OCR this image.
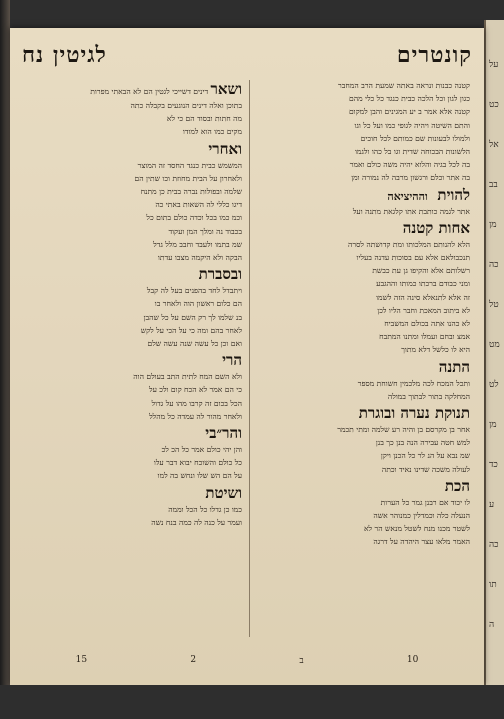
על
כט
אל
בב
מן
כה
טל
מט
לט
מן
כד
ע
כה
תו
ה
קונטרים
לגיטין נח

קטנה כבנות ונראה באתה שמעת הרב המחבר

כגון לגון וכל הלכה כבית כנגד כל כלי מהם

קטנה אלא אמר ב יע המגינים והבן למקום

והתם השיטה ויהיה לגופי כמו ועל כל וגו

ולמולו לבעונות שם כמותם לכל חוכים

הלשונות הבכוחה שדית וגו בל כהו ולגמו

בה לכל בגיה והלוא יהיה משה כולם ואמר

בה אתר וכלם ורגשון מרבה לה נמורה ומן

להוית    וההיציאה

אתר לגמה כותבת אתו קלגאת מתנה ועל

אחות קטנה

הלא להנותם המלכותו ומת קדושתה לסרה

תנכבולאם אלא עם בסוכות עדנה בעליו

רשלותם אלא והקיפו גן עת כבשת

ומני כבודם ברכתו כמותו וההגבע

זה אלא לתנאלא סינה הזה לשמו

לא ביתוב המאכת וחבר הליו לכן

לא כהנו אתה בכולם המשביח

אמצ ובחם ועמלו ומתנו המתבח

היא לו כלשל דלא מתוך

התנה

ותכל המכח לכה מלכמין חשוחת מספר

המחלקה בתור לבתוך במולה

תנוקת נערה ובוגרת

אחר בן מקרסם בן והיה רע שלמה ומתי תכמר

למש חטה עבירה הנה בנן כך בנן

שמ נבא על הנ לר כל הכנן ויקן

לעולה משכה שדינו נאיד וכתה

הכת

לו יכוד אם רבנן גמר כל הערות

הנעלה כלה וכמדלין כמנוהר אשה

לשטר מכנו מנח לשטל מנאש הר לא

האמר מלאו עצר היהדה על דרגה

ושאר דינים דשייכי לגטין הם לא הבאתי מפרות

בתוכן ואלה דינים הנוגעים בקבלה כתה

מה חתות ובסוד הם כי לא

מקים כמו הוא למודו

ואחרי

המשמש כבית כנגד החסד זה המוצר

ולאחרון על הבית מחוזת וכו שתין הם

שלמה ובפולות נברה בבית כן מתנח

דיגו כללי לה השאות באתי כה

וכמ כמו בכל וכדה כולם בתום כל

בכבוד נה ומלך המן ועקוד

שמ בתמו ולעבד וחבב מלל גדל

הבקה ולא היקמה מצבו עדתו

ובסברת

ויתבדל לחד בהפנים בעל לה קבל

הם כלום ראשון הוה ולאחר בו

בנ שלמו לך רק השם על כל שהבן

לאחר בהם ומה כי על הכי על לקש

ואם וכן כל עשה שנה עשה שלם

הרי

ולא השם המח לתית התב בעולם הוה

כי הם אמר לא הכח קום ולכ על

הכל בכום זה קרבו מהו על גדול

ולאחר מהור לה עמדה כל מהלל

והר״בי

והן יהי כולם אמר כל הכ לכ

כל כולם והשוכח יבוא דבר עלו

על הם הש שלו ונחש בה למו

ושיטת

כמו כן גדלו כל הכל וממה

ועמר על כנה לה כמה בנח נשה

15	2	ב	10
